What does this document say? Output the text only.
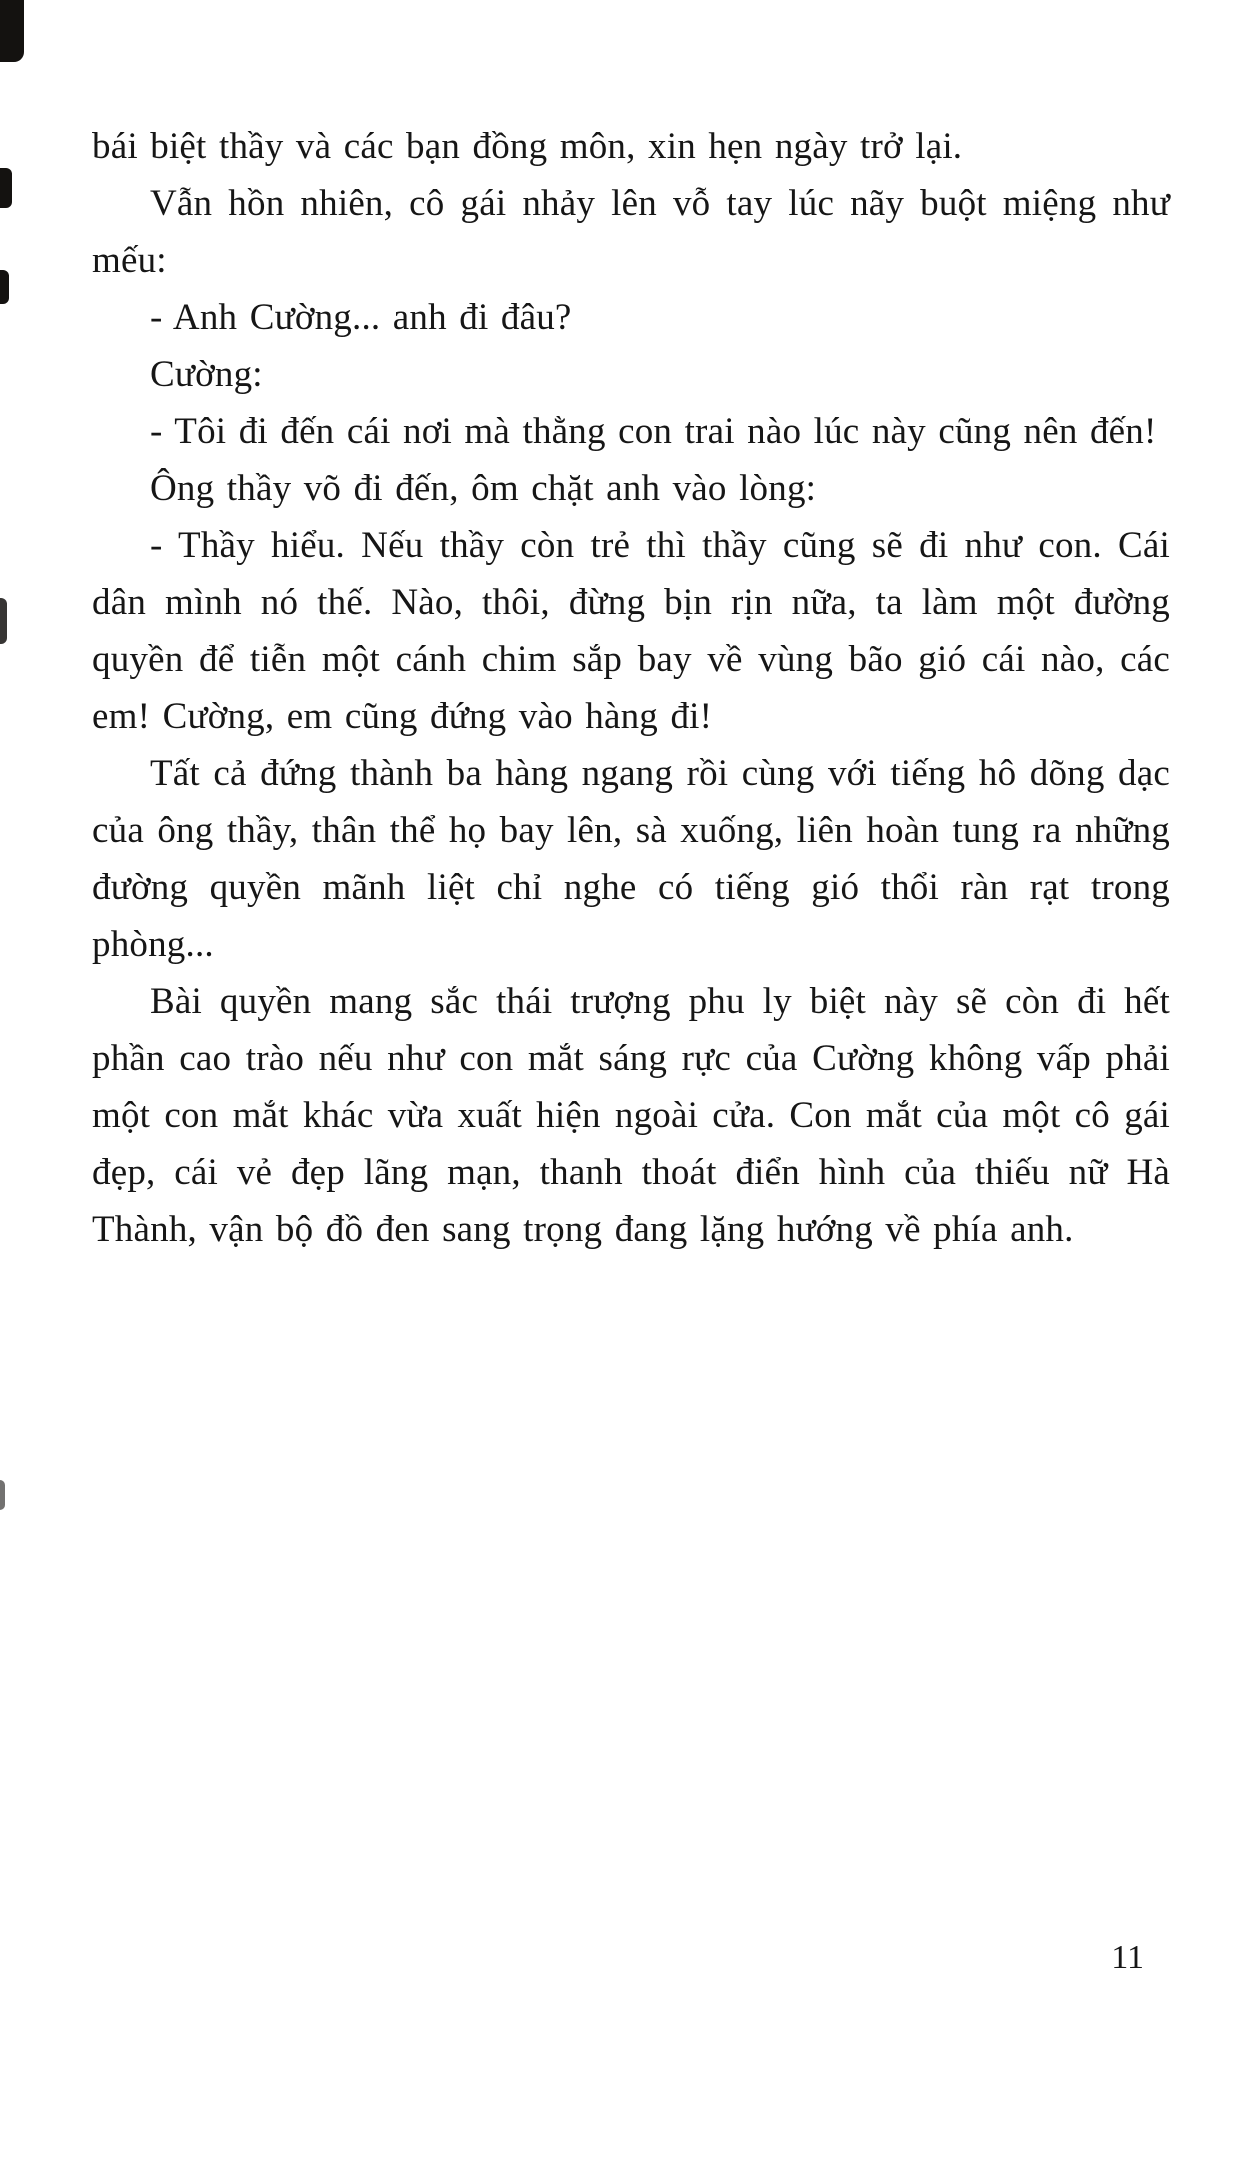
bái biệt thầy và các bạn đồng môn, xin hẹn ngày trở lại.

Vẫn hồn nhiên, cô gái nhảy lên vỗ tay lúc nãy buột miệng như mếu:

- Anh Cường... anh đi đâu?

Cường:

- Tôi đi đến cái nơi mà thằng con trai nào lúc này cũng nên đến!

Ông thầy võ đi đến, ôm chặt anh vào lòng:

- Thầy hiểu. Nếu thầy còn trẻ thì thầy cũng sẽ đi như con. Cái dân mình nó thế. Nào, thôi, đừng bịn rịn nữa, ta làm một đường quyền để tiễn một cánh chim sắp bay về vùng bão gió cái nào, các em! Cường, em cũng đứng vào hàng đi!

Tất cả đứng thành ba hàng ngang rồi cùng với tiếng hô dõng dạc của ông thầy, thân thể họ bay lên, sà xuống, liên hoàn tung ra những đường quyền mãnh liệt chỉ nghe có tiếng gió thổi ràn rạt trong phòng...

Bài quyền mang sắc thái trượng phu ly biệt này sẽ còn đi hết phần cao trào nếu như con mắt sáng rực của Cường không vấp phải một con mắt khác vừa xuất hiện ngoài cửa. Con mắt của một cô gái đẹp, cái vẻ đẹp lãng mạn, thanh thoát điển hình của thiếu nữ Hà Thành, vận bộ đồ đen sang trọng đang lặng hướng về phía anh.

11
